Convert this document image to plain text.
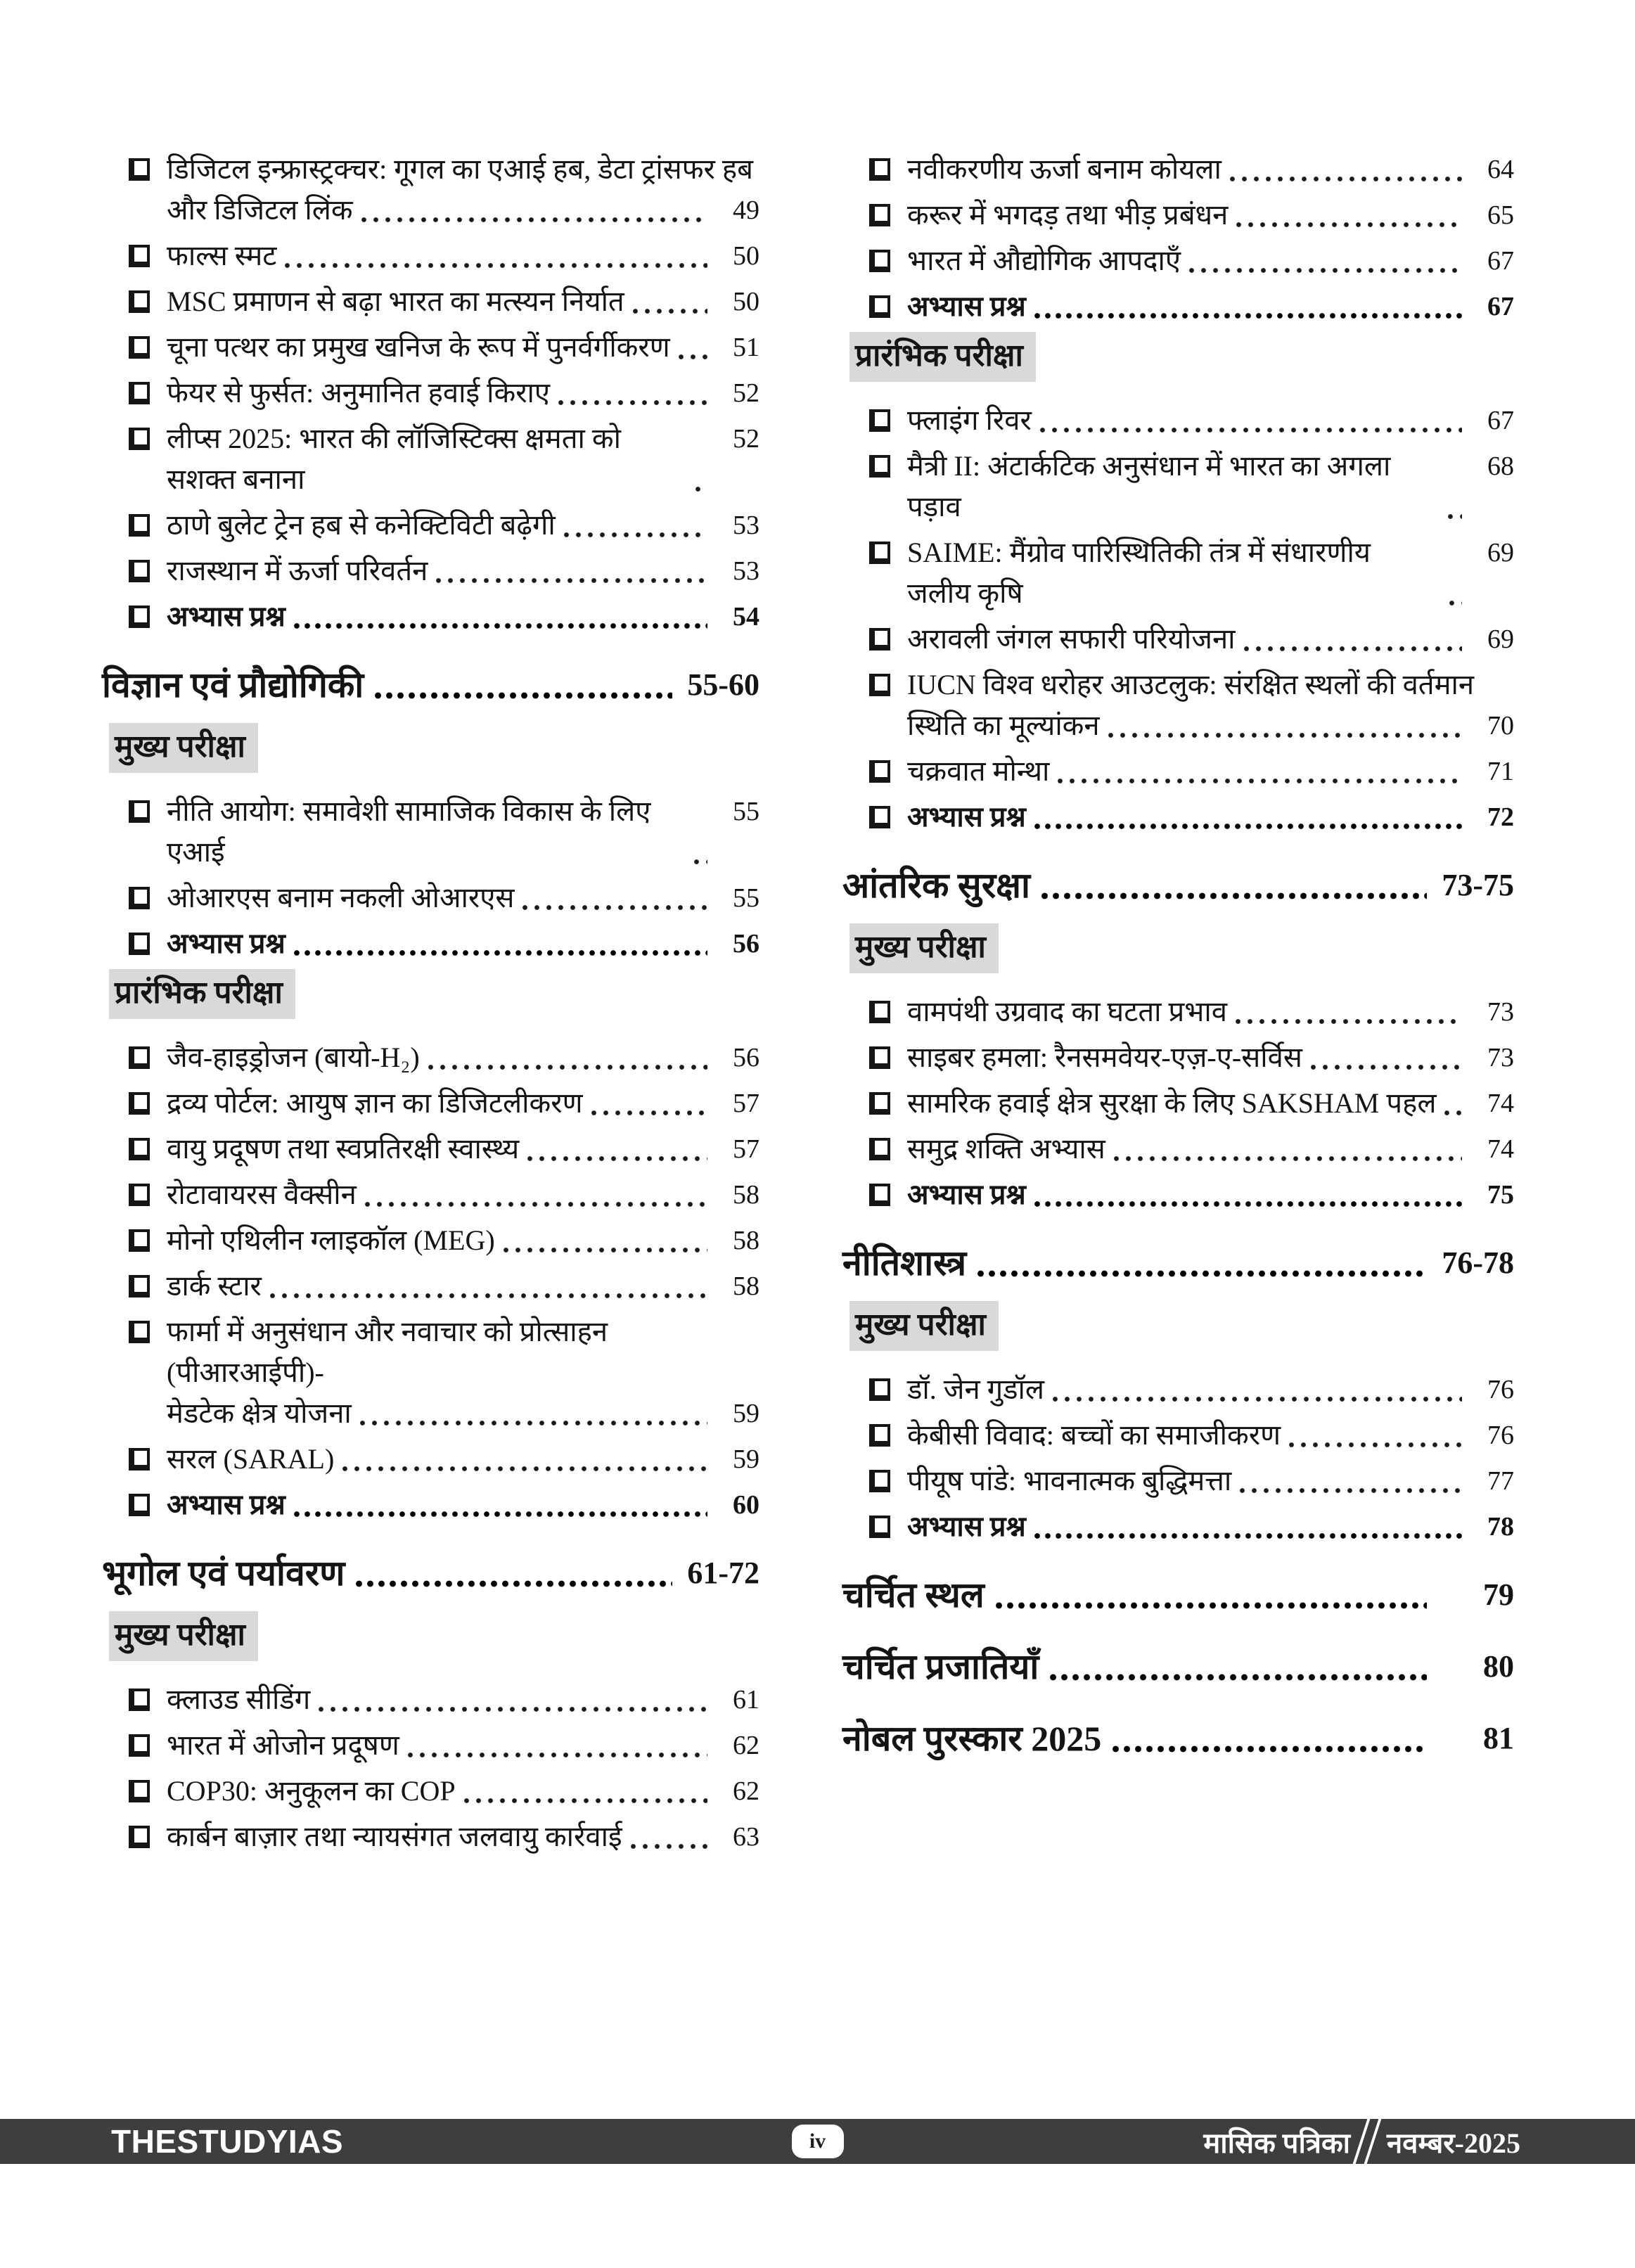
डिजिटल इन्फ्रास्ट्रक्चर: गूगल का एआई हब, डेटा ट्रांसफर हब
और डिजिटल लिंक	49
फाल्स स्मट	50
MSC प्रमाणन से बढ़ा भारत का मत्स्यन निर्यात	50
चूना पत्थर का प्रमुख खनिज के रूप में पुनर्वर्गीकरण	51
फेयर से फुर्सत: अनुमानित हवाई किराए	52
लीप्स 2025: भारत की लॉजिस्टिक्स क्षमता को सशक्त बनाना
52
ठाणे बुलेट ट्रेन हब से कनेक्टिविटी बढ़ेगी	53
राजस्थान में ऊर्जा परिवर्तन	53
अभ्यास प्रश्न	54
विज्ञान एवं प्रौद्योगिकी	55-60
मुख्य परीक्षा
नीति आयोग: समावेशी सामाजिक विकास के लिए एआई
55
ओआरएस बनाम नकली ओआरएस	55
अभ्यास प्रश्न	56
प्रारंभिक परीक्षा
जैव-हाइड्रोजन (बायो-H₂)	56
द्रव्य पोर्टल: आयुष ज्ञान का डिजिटलीकरण	57
वायु प्रदूषण तथा स्वप्रतिरक्षी स्वास्थ्य	57
रोटावायरस वैक्सीन	58
मोनो एथिलीन ग्लाइकॉल (MEG)	58
डार्क स्टार	58
फार्मा में अनुसंधान और नवाचार को प्रोत्साहन (पीआरआईपी)-
मेडटेक क्षेत्र योजना	59
सरल (SARAL)	59
अभ्यास प्रश्न	60
भूगोल एवं पर्यावरण	61-72
मुख्य परीक्षा
क्लाउड सीडिंग	61
भारत में ओजोन प्रदूषण	62
COP30: अनुकूलन का COP	62
कार्बन बाज़ार तथा न्यायसंगत जलवायु कार्रवाई	63
नवीकरणीय ऊर्जा बनाम कोयला	64
करूर में भगदड़ तथा भीड़ प्रबंधन	65
भारत में औद्योगिक आपदाएँ	67
अभ्यास प्रश्न	67
प्रारंभिक परीक्षा
फ्लाइंग रिवर	67
मैत्री II: अंटार्कटिक अनुसंधान में भारत का अगला पड़ाव
68
SAIME: मैंग्रोव पारिस्थितिकी तंत्र में संधारणीय जलीय कृषि
69
अरावली जंगल सफारी परियोजना	69
IUCN विश्व धरोहर आउटलुक: संरक्षित स्थलों की वर्तमान
स्थिति का मूल्यांकन	70
चक्रवात मोन्था	71
अभ्यास प्रश्न	72
आंतरिक सुरक्षा	73-75
मुख्य परीक्षा
वामपंथी उग्रवाद का घटता प्रभाव	73
साइबर हमला: रैनसमवेयर-एज़-ए-सर्विस	73
सामरिक हवाई क्षेत्र सुरक्षा के लिए SAKSHAM पहल	74
समुद्र शक्ति अभ्यास	74
अभ्यास प्रश्न	75
नीतिशास्त्र	76-78
मुख्य परीक्षा
डॉ. जेन गुडॉल	76
केबीसी विवाद: बच्चों का समाजीकरण	76
पीयूष पांडे: भावनात्मक बुद्धिमत्ता	77
अभ्यास प्रश्न	78
चर्चित स्थल	79
चर्चित प्रजातियाँ	80
नोबल पुरस्कार 2025	81
THESTUDYIAS	iv	मासिक पत्रिका नवम्बर-2025
